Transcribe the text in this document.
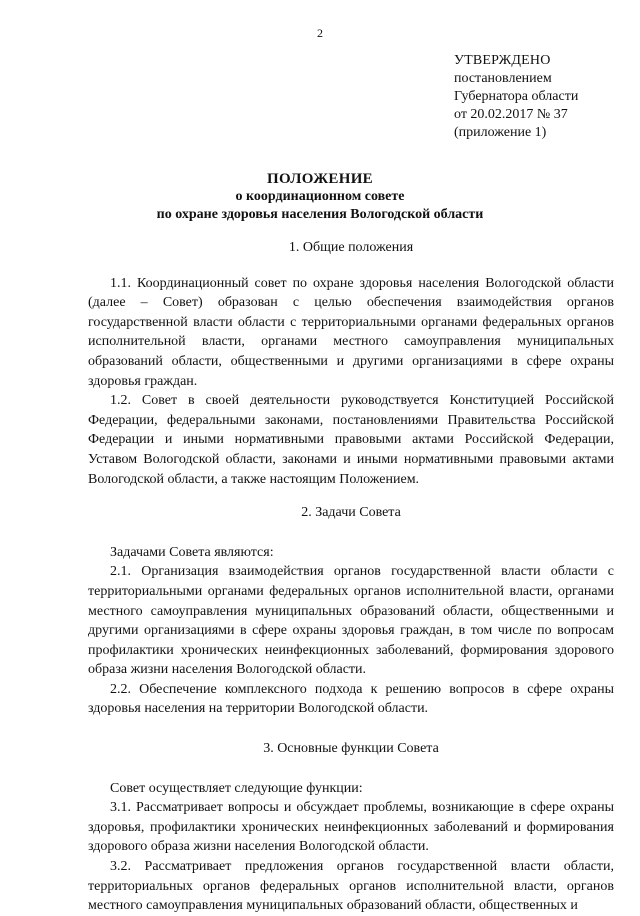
2
УТВЕРЖДЕНО
постановлением
Губернатора области
от 20.02.2017 № 37
(приложение 1)
ПОЛОЖЕНИЕ
о координационном совете
по охране здоровья населения Вологодской области
1. Общие положения

1.1. Координационный совет по охране здоровья населения Вологодской области (далее – Совет) образован с целью обеспечения взаимодействия органов государственной власти области с территориальными органами федеральных органов исполнительной власти, органами местного самоуправления муниципальных образований области, общественными и другими организациями в сфере охраны здоровья граждан.

1.2. Совет в своей деятельности руководствуется Конституцией Российской Федерации, федеральными законами, постановлениями Правительства Российской Федерации и иными нормативными правовыми актами Российской Федерации, Уставом Вологодской области, законами и иными нормативными правовыми актами Вологодской области, а также настоящим Положением.

2. Задачи Совета

Задачами Совета являются:

2.1. Организация взаимодействия органов государственной власти области с территориальными органами федеральных органов исполнительной власти, органами местного самоуправления муниципальных образований области, общественными и другими организациями в сфере охраны здоровья граждан, в том числе по вопросам профилактики хронических неинфекционных заболеваний, формирования здорового образа жизни населения Вологодской области.

2.2. Обеспечение комплексного подхода к решению вопросов в сфере охраны здоровья населения на территории Вологодской области.

3. Основные функции Совета

Совет осуществляет следующие функции:

3.1. Рассматривает вопросы и обсуждает проблемы, возникающие в сфере охраны здоровья, профилактики хронических неинфекционных заболеваний и формирования здорового образа жизни населения Вологодской области.

3.2. Рассматривает предложения органов государственной власти области, территориальных органов федеральных органов исполнительной власти, органов местного самоуправления муниципальных образований области, общественных и
